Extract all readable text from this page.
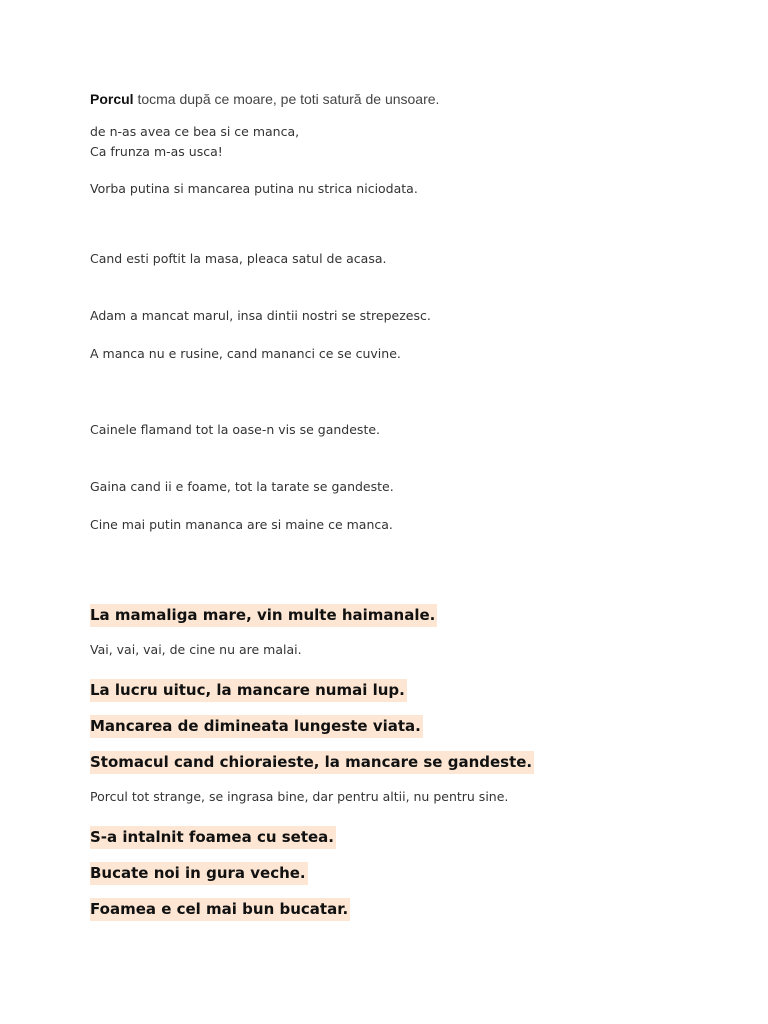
Porcul tocma după ce moare, pe toti satură de unsoare.
de n-as avea ce bea si ce manca,
Ca frunza m-as usca!
Vorba putina si mancarea putina nu strica niciodata.
Cand esti poftit la masa, pleaca satul de acasa.
Adam a mancat marul, insa dintii nostri se strepezesc.
A manca nu e rusine, cand mananci ce se cuvine.
Cainele flamand tot la oase-n vis se gandeste.
Gaina cand ii e foame, tot la tarate se gandeste.
Cine mai putin mananca are si maine ce manca.
La mamaliga mare, vin multe haimanale.
Vai, vai, vai, de cine nu are malai.
La lucru uituc, la mancare numai lup.
Mancarea de dimineata lungeste viata.
Stomacul cand chioraieste, la mancare se gandeste.
Porcul tot strange, se ingrasa bine, dar pentru altii, nu pentru sine.
S-a intalnit foamea cu setea.
Bucate noi in gura veche.
Foamea e cel mai bun bucatar.
